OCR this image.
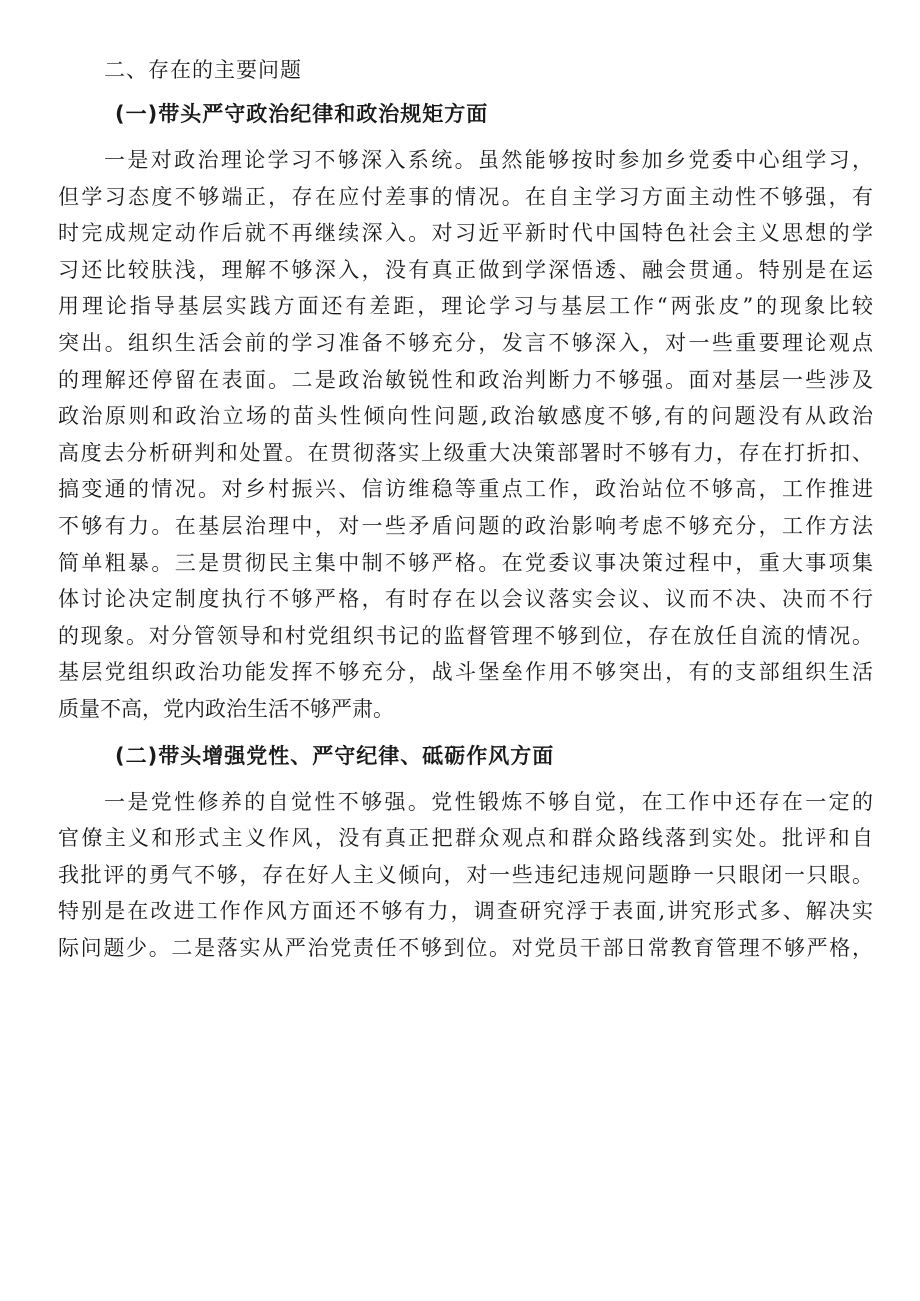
二、存在的主要问题
(一)带头严守政治纪律和政治规矩方面
一是对政治理论学习不够深入系统。虽然能够按时参加乡党委中心组学习，
但学习态度不够端正，存在应付差事的情况。在自主学习方面主动性不够强，有
时完成规定动作后就不再继续深入。对习近平新时代中国特色社会主义思想的学
习还比较肤浅，理解不够深入，没有真正做到学深悟透、融会贯通。特别是在运
用理论指导基层实践方面还有差距，理论学习与基层工作“两张皮”的现象比较
突出。组织生活会前的学习准备不够充分，发言不够深入，对一些重要理论观点
的理解还停留在表面。二是政治敏锐性和政治判断力不够强。面对基层一些涉及
政治原则和政治立场的苗头性倾向性问题,政治敏感度不够,有的问题没有从政治
高度去分析研判和处置。在贯彻落实上级重大决策部署时不够有力，存在打折扣、
搞变通的情况。对乡村振兴、信访维稳等重点工作，政治站位不够高，工作推进
不够有力。在基层治理中，对一些矛盾问题的政治影响考虑不够充分，工作方法
简单粗暴。三是贯彻民主集中制不够严格。在党委议事决策过程中，重大事项集
体讨论决定制度执行不够严格，有时存在以会议落实会议、议而不决、决而不行
的现象。对分管领导和村党组织书记的监督管理不够到位，存在放任自流的情况。
基层党组织政治功能发挥不够充分，战斗堡垒作用不够突出，有的支部组织生活
质量不高，党内政治生活不够严肃。
(二)带头增强党性、严守纪律、砥砺作风方面
一是党性修养的自觉性不够强。党性锻炼不够自觉，在工作中还存在一定的
官僚主义和形式主义作风，没有真正把群众观点和群众路线落到实处。批评和自
我批评的勇气不够，存在好人主义倾向，对一些违纪违规问题睁一只眼闭一只眼。
特别是在改进工作作风方面还不够有力，调查研究浮于表面,讲究形式多、解决实
际问题少。二是落实从严治党责任不够到位。对党员干部日常教育管理不够严格，
